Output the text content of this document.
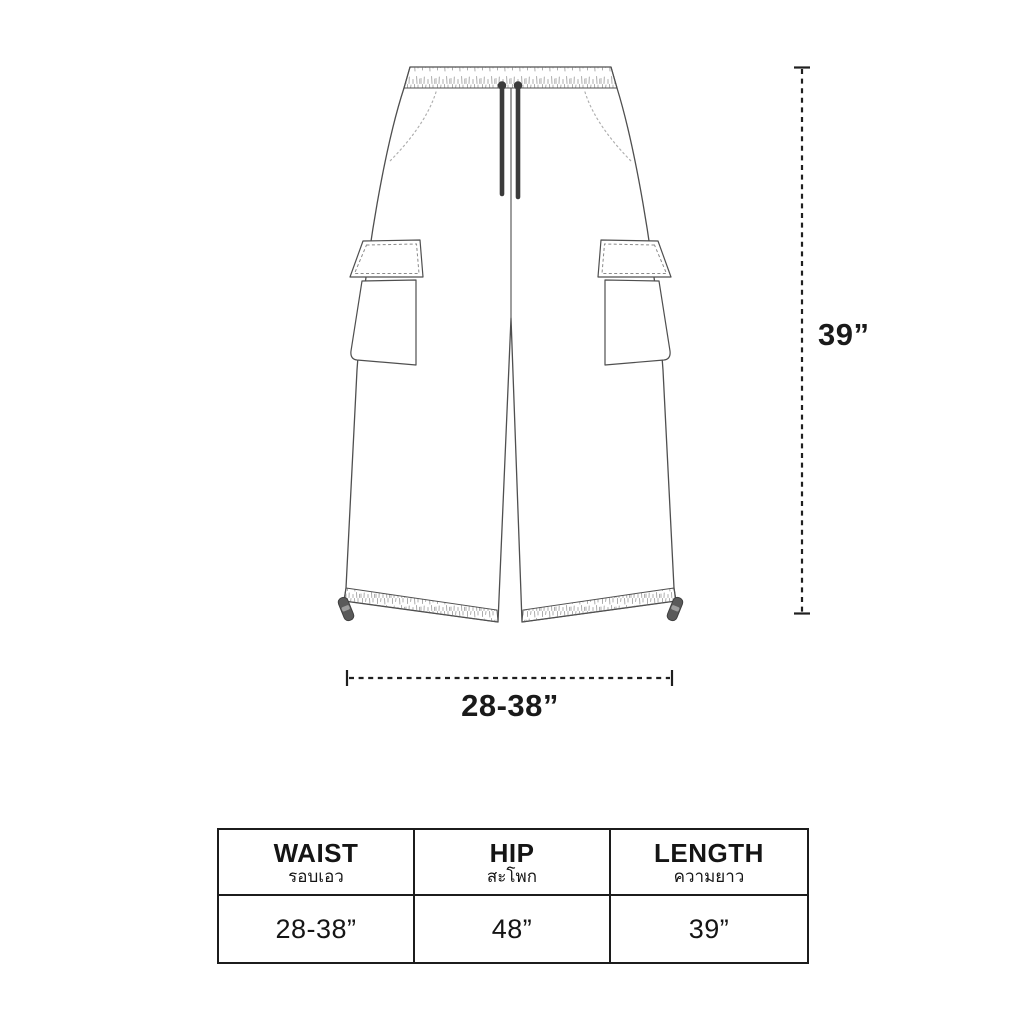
39”
28-38”
WAIST
รอบเอว
HIP
สะโพก
LENGTH
ความยาว
28-38”	48”	39”
